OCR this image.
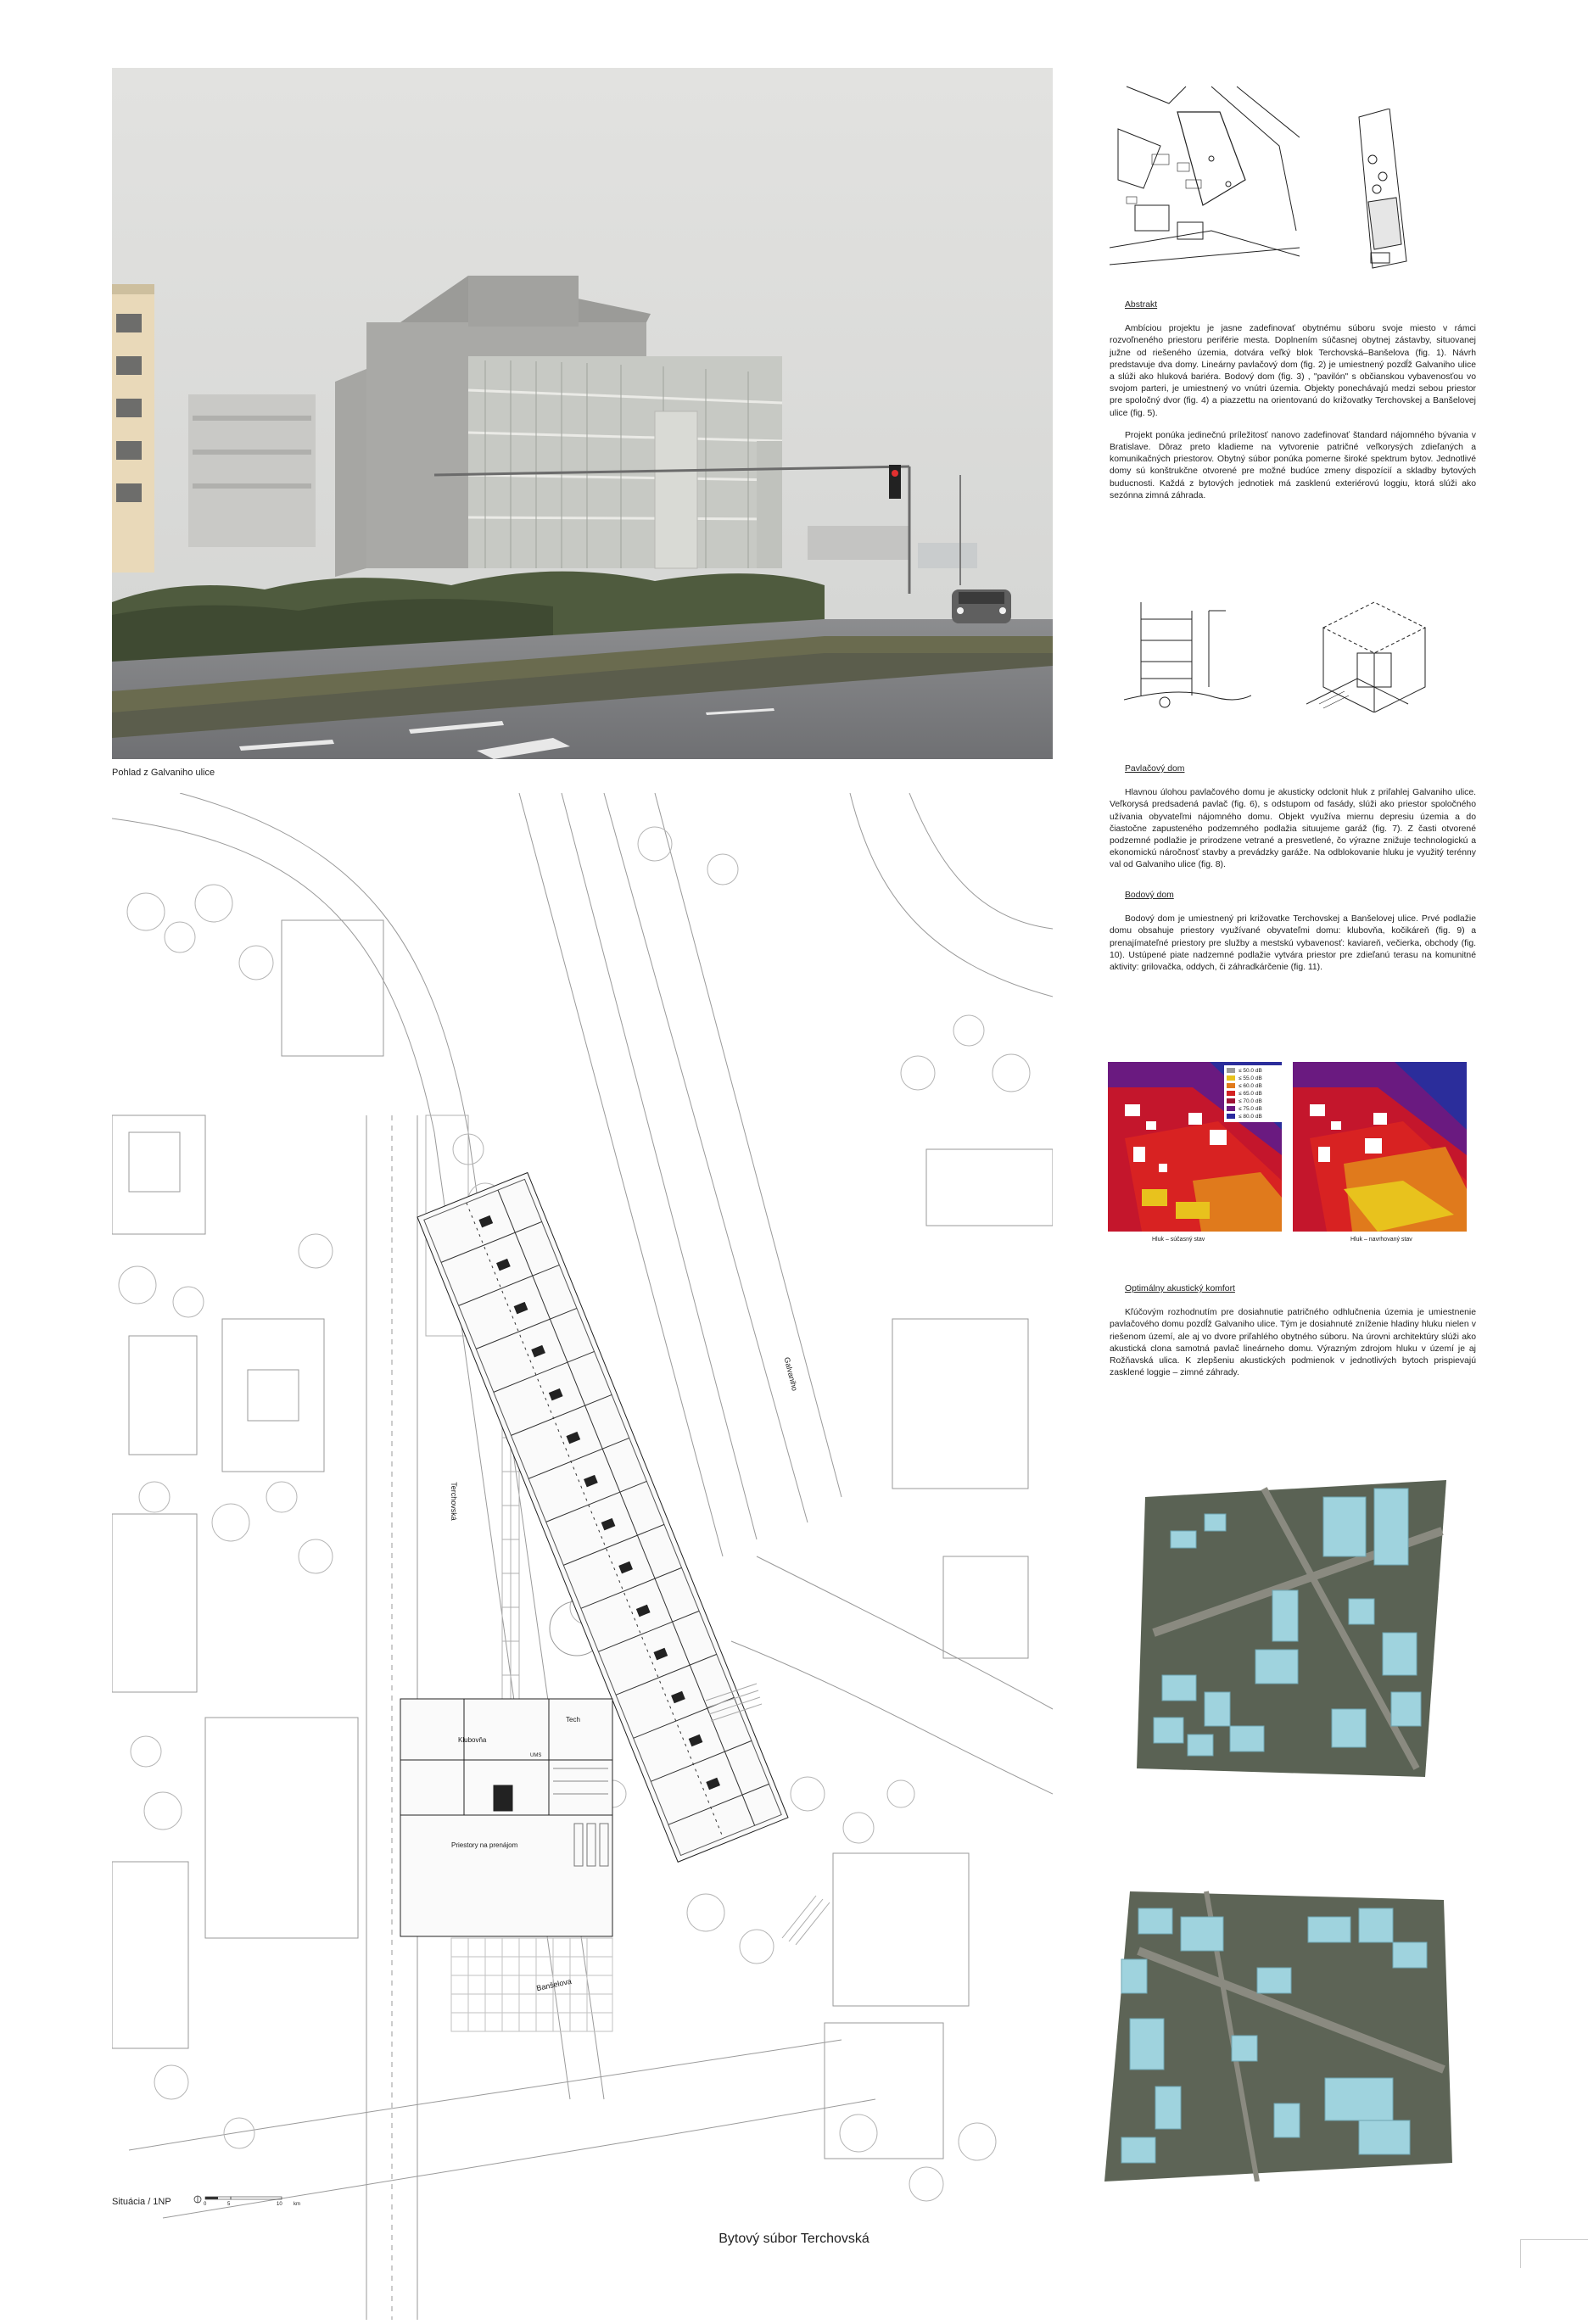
Pohlad z Galvaniho ulice
Galvaniho
Terchovská
Banšelova
Klubovňa
Tech
UMS
Priestory na prenájom
Situácia / 1NP	0	5	10 km
Abstrakt

Ambíciou projektu je jasne zadefinovať obytnému súboru svoje miesto v rámci rozvoľneného priestoru periférie mesta. Doplnením súčasnej obytnej zástavby, situovanej južne od riešeného územia, dotvára veľký blok Terchovská–Banšelova (fig. 1). Návrh predstavuje dva domy. Lineárny pavlačový dom (fig. 2) je umiestnený pozdĺž Galvaniho ulice a slúži ako hluková bariéra. Bodový dom (fig. 3) , "pavilón" s občianskou vybavenosťou vo svojom parteri, je umiestnený vo vnútri územia. Objekty ponechávajú medzi sebou priestor pre spoločný dvor (fig. 4) a piazzettu na orientovanú do križovatky Terchovskej a Banšelovej ulice (fig. 5).

Projekt ponúka jedinečnú príležitosť nanovo zadefinovať štandard nájomného bývania v Bratislave. Dôraz preto kladieme na vytvorenie patričné veľkorysých zdieľaných a komunikačných priestorov. Obytný súbor ponúka pomerne široké spektrum bytov. Jednotlivé domy sú konštrukčne otvorené pre možné budúce zmeny dispozícií a skladby bytových buducnosti. Každá z bytových jednotiek má zasklenú exteriérovú loggiu, ktorá slúži ako sezónna zimná záhrada.

Pavlačový dom

Hlavnou úlohou pavlačového domu je akusticky odclonit hluk z priľahlej Galvaniho ulice. Veľkorysá predsadená pavlač (fig. 6), s odstupom od fasády, slúži ako priestor spoločného užívania obyvateľmi nájomného domu. Objekt využíva miernu depresiu územia a do čiastočne zapusteného podzemného podlažia situujeme garáž (fig. 7). Z časti otvorené podzemné podlažie je prirodzene vetrané a presvetlené, čo výrazne znižuje technologickú a ekonomickú náročnosť stavby a prevádzky garáže. Na odblokovanie hluku je využitý terénny val od Galvaniho ulice (fig. 8).

Bodový dom

Bodový dom je umiestnený pri križovatke Terchovskej a Banšelovej ulice. Prvé podlažie domu obsahuje priestory využívané obyvateľmi domu: klubovňa, kočikáreň (fig. 9) a prenajímateľné priestory pre služby a mestskú vybavenosť: kaviareň, večierka, obchody (fig. 10). Ustúpené piate nadzemné podlažie vytvára priestor pre zdieľanú terasu na komunitné aktivity: grilovačka, oddych, či záhradkárčenie (fig. 11).

≤ 50.0 dB
≤ 55.0 dB
≤ 60.0 dB
≤ 65.0 dB
≤ 70.0 dB
≤ 75.0 dB
≤ 80.0 dB
Hluk – súčasný stav	Hluk – navrhovaný stav
Optimálny akustický komfort

Kľúčovým rozhodnutím pre dosiahnutie patričného odhlučnenia územia je umiestnenie pavlačového domu pozdĺž Galvaniho ulice. Tým je dosiahnuté zníženie hladiny hluku nielen v riešenom území, ale aj vo dvore priľahlého obytného súboru. Na úrovni architektúry slúži ako akustická clona samotná pavlač lineárneho domu. Výrazným zdrojom hluku v území je aj Rožňavská ulica. K zlepšeniu akustických podmienok v jednotlivých bytoch prispievajú zasklené loggie – zimné záhrady.

Bytový súbor Terchovská
